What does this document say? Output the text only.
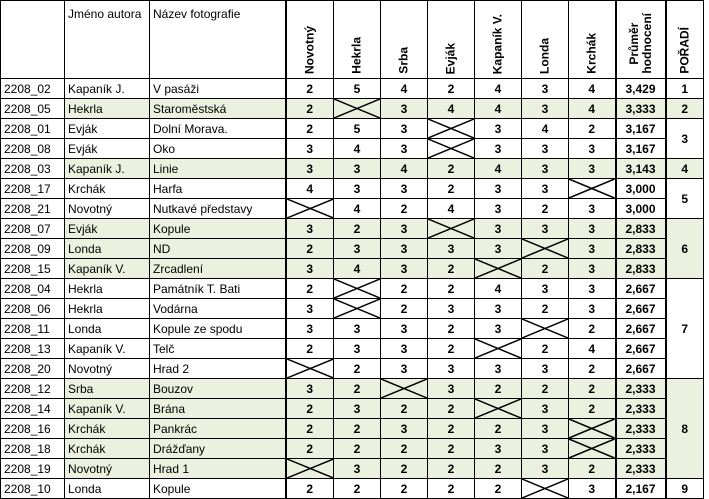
	Jméno autora	Název fotografie	Novotný	Hekrla	Srba	Evják	Kapaník V.	Londa	Krchák	Průměr
hodnocení	POŘADÍ

2208_02	Kapaník J.	V pasáži	2	5	4	2	4	3	4	3,429	1
2208_05	Hekrla	Staroměstská	2		3	4	4	3	4	3,333	2
2208_01	Evják	Dolní Morava.	2	5	3		3	4	2	3,167	3
2208_08	Evják	Oko	3	4	3		3	3	3	3,167	
2208_03	Kapaník J.	Linie	3	3	4	2	4	3	3	3,143	4
2208_17	Krchák	Harfa	4	3	3	2	3	3		3,000	5
2208_21	Novotný	Nutkavé představy		4	2	4	3	2	3	3,000	
2208_07	Evják	Kopule	3	2	3		3	3	3	2,833	6
2208_09	Londa	ND	2	3	3	3	3		3	2,833	
2208_15	Kapaník V.	Zrcadlení	3	4	3	2		2	3	2,833	
2208_04	Hekrla	Památník T. Bati	2		2	2	4	3	3	2,667	7
2208_06	Hekrla	Vodárna	3		2	3	3	2	3	2,667	
2208_11	Londa	Kopule ze spodu	3	3	3	2	3		2	2,667	
2208_13	Kapaník V.	Telč	2	3	3	2		2	4	2,667	
2208_20	Novotný	Hrad 2		2	3	3	3	3	2	2,667	
2208_12	Srba	Bouzov	3	2		3	2	2	2	2,333	8
2208_14	Kapaník V.	Brána	2	3	2	2		3	2	2,333	
2208_16	Krchák	Pankrác	2	2	3	2	2	3		2,333	
2208_18	Krchák	Drážďany	2	2	2	2	3	3		2,333	
2208_19	Novotný	Hrad 1		3	2	2	2	3	2	2,333	
2208_10	Londa	Kopule	2	2	2	2	2		3	2,167	9
